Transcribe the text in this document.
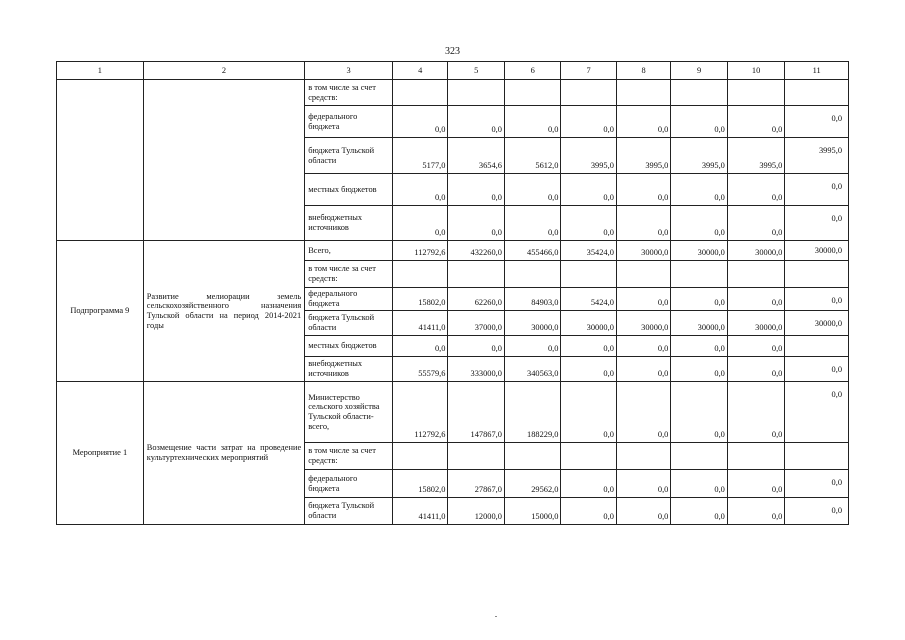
323
1	2	3	4	5	6	7	8	9	10	11
		в том числе за счет средств:								
		федерального бюджета	0,0	0,0	0,0	0,0	0,0	0,0	0,0	0,0
		бюджета Тульской области	5177,0	3654,6	5612,0	3995,0	3995,0	3995,0	3995,0	3995,0
		местных бюджетов	0,0	0,0	0,0	0,0	0,0	0,0	0,0	0,0
		внебюджетных источников	0,0	0,0	0,0	0,0	0,0	0,0	0,0	0,0
Подпрограмма 9	Развитие мелиорации земель сельскохозяйственного назначения Тульской области на период 2014-2021 годы	Всего,	112792,6	432260,0	455466,0	35424,0	30000,0	30000,0	30000,0	30000,0
		в том числе за счет средств:								
		федерального бюджета	15802,0	62260,0	84903,0	5424,0	0,0	0,0	0,0	0,0
		бюджета Тульской области	41411,0	37000,0	30000,0	30000,0	30000,0	30000,0	30000,0	30000,0
		местных бюджетов	0,0	0,0	0,0	0,0	0,0	0,0	0,0	
		внебюджетных источников	55579,6	333000,0	340563,0	0,0	0,0	0,0	0,0	0,0
Мероприятие 1	Возмещение части затрат на проведение культуртехнических мероприятий	Министерство сельского хозяйства Тульской области-всего,	112792,6	147867,0	188229,0	0,0	0,0	0,0	0,0	0,0
		в том числе за счет средств:								
		федерального бюджета	15802,0	27867,0	29562,0	0,0	0,0	0,0	0,0	0,0
		бюджета Тульской области	41411,0	12000,0	15000,0	0,0	0,0	0,0	0,0	0,0
